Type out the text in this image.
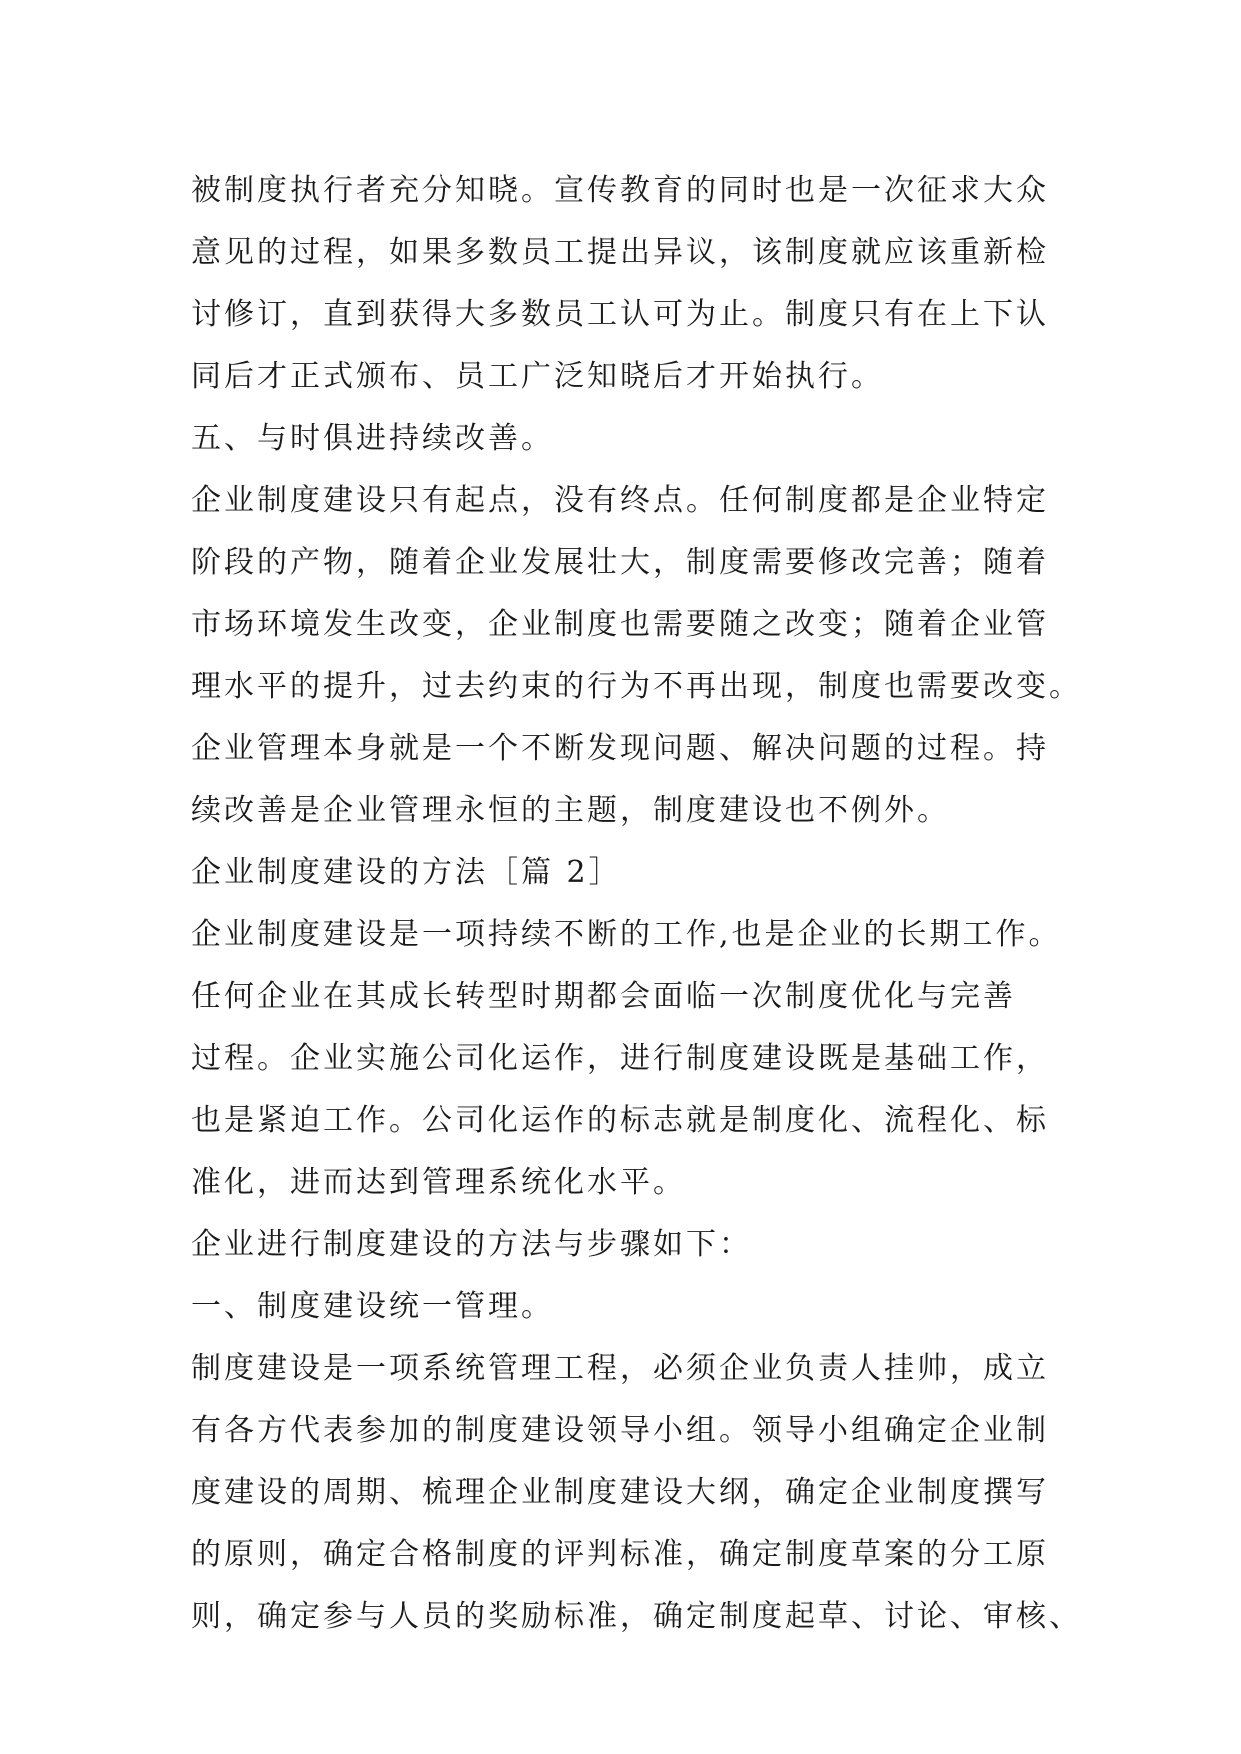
被制度执行者充分知晓。宣传教育的同时也是一次征求大众
意见的过程，如果多数员工提出异议，该制度就应该重新检
讨修订，直到获得大多数员工认可为止。制度只有在上下认
同后才正式颁布、员工广泛知晓后才开始执行。
五、与时俱进持续改善。
企业制度建设只有起点，没有终点。任何制度都是企业特定
阶段的产物，随着企业发展壮大，制度需要修改完善；随着
市场环境发生改变，企业制度也需要随之改变；随着企业管
理水平的提升，过去约束的行为不再出现，制度也需要改变。
企业管理本身就是一个不断发现问题、解决问题的过程。持
续改善是企业管理永恒的主题，制度建设也不例外。
企业制度建设的方法［篇 2］
企业制度建设是一项持续不断的工作,也是企业的长期工作。
任何企业在其成长转型时期都会面临一次制度优化与完善
过程。企业实施公司化运作，进行制度建设既是基础工作，
也是紧迫工作。公司化运作的标志就是制度化、流程化、标
准化，进而达到管理系统化水平。
企业进行制度建设的方法与步骤如下：
一、制度建设统一管理。
制度建设是一项系统管理工程，必须企业负责人挂帅，成立
有各方代表参加的制度建设领导小组。领导小组确定企业制
度建设的周期、梳理企业制度建设大纲，确定企业制度撰写
的原则，确定合格制度的评判标准，确定制度草案的分工原
则，确定参与人员的奖励标准，确定制度起草、讨论、审核、
